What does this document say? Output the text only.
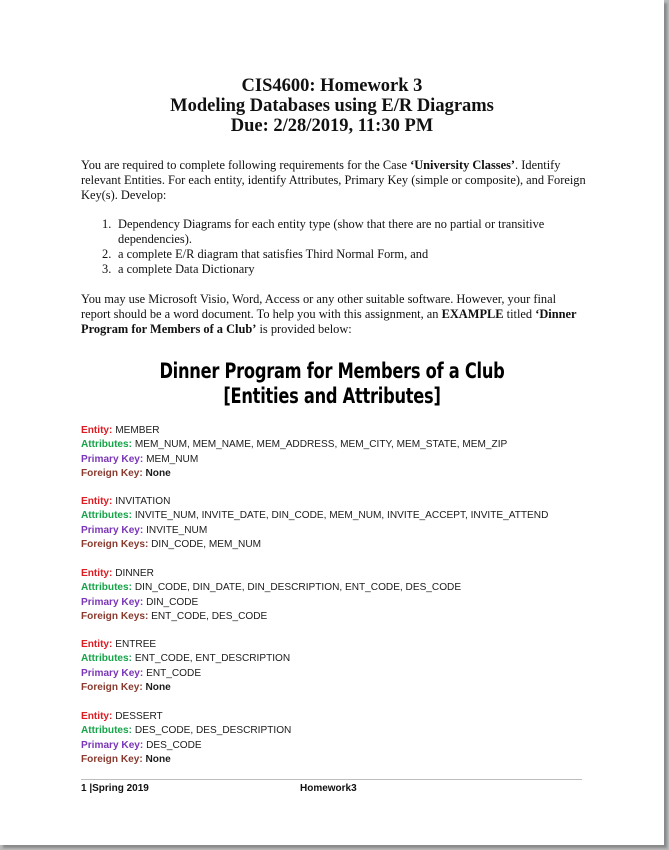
CIS4600: Homework 3
Modeling Databases using E/R Diagrams
Due: 2/28/2019, 11:30 PM
You are required to complete following requirements for the Case ‘University Classes’. Identify relevant Entities. For each entity, identify Attributes, Primary Key (simple or composite), and Foreign Key(s). Develop:
1. Dependency Diagrams for each entity type (show that there are no partial or transitive dependencies).
2. a complete E/R diagram that satisfies Third Normal Form, and
3. a complete Data Dictionary
You may use Microsoft Visio, Word, Access or any other suitable software. However, your final report should be a word document. To help you with this assignment, an EXAMPLE titled ‘Dinner Program for Members of a Club’ is provided below:
Dinner Program for Members of a Club
[Entities and Attributes]
Entity: MEMBER
Attributes: MEM_NUM, MEM_NAME, MEM_ADDRESS, MEM_CITY, MEM_STATE, MEM_ZIP
Primary Key: MEM_NUM
Foreign Key: None
Entity: INVITATION
Attributes: INVITE_NUM, INVITE_DATE, DIN_CODE, MEM_NUM, INVITE_ACCEPT, INVITE_ATTEND
Primary Key: INVITE_NUM
Foreign Keys: DIN_CODE, MEM_NUM
Entity: DINNER
Attributes: DIN_CODE, DIN_DATE, DIN_DESCRIPTION, ENT_CODE, DES_CODE
Primary Key: DIN_CODE
Foreign Keys: ENT_CODE, DES_CODE
Entity: ENTREE
Attributes: ENT_CODE, ENT_DESCRIPTION
Primary Key: ENT_CODE
Foreign Key: None
Entity: DESSERT
Attributes: DES_CODE, DES_DESCRIPTION
Primary Key: DES_CODE
Foreign Key: None
1 |Spring 2019	Homework3
